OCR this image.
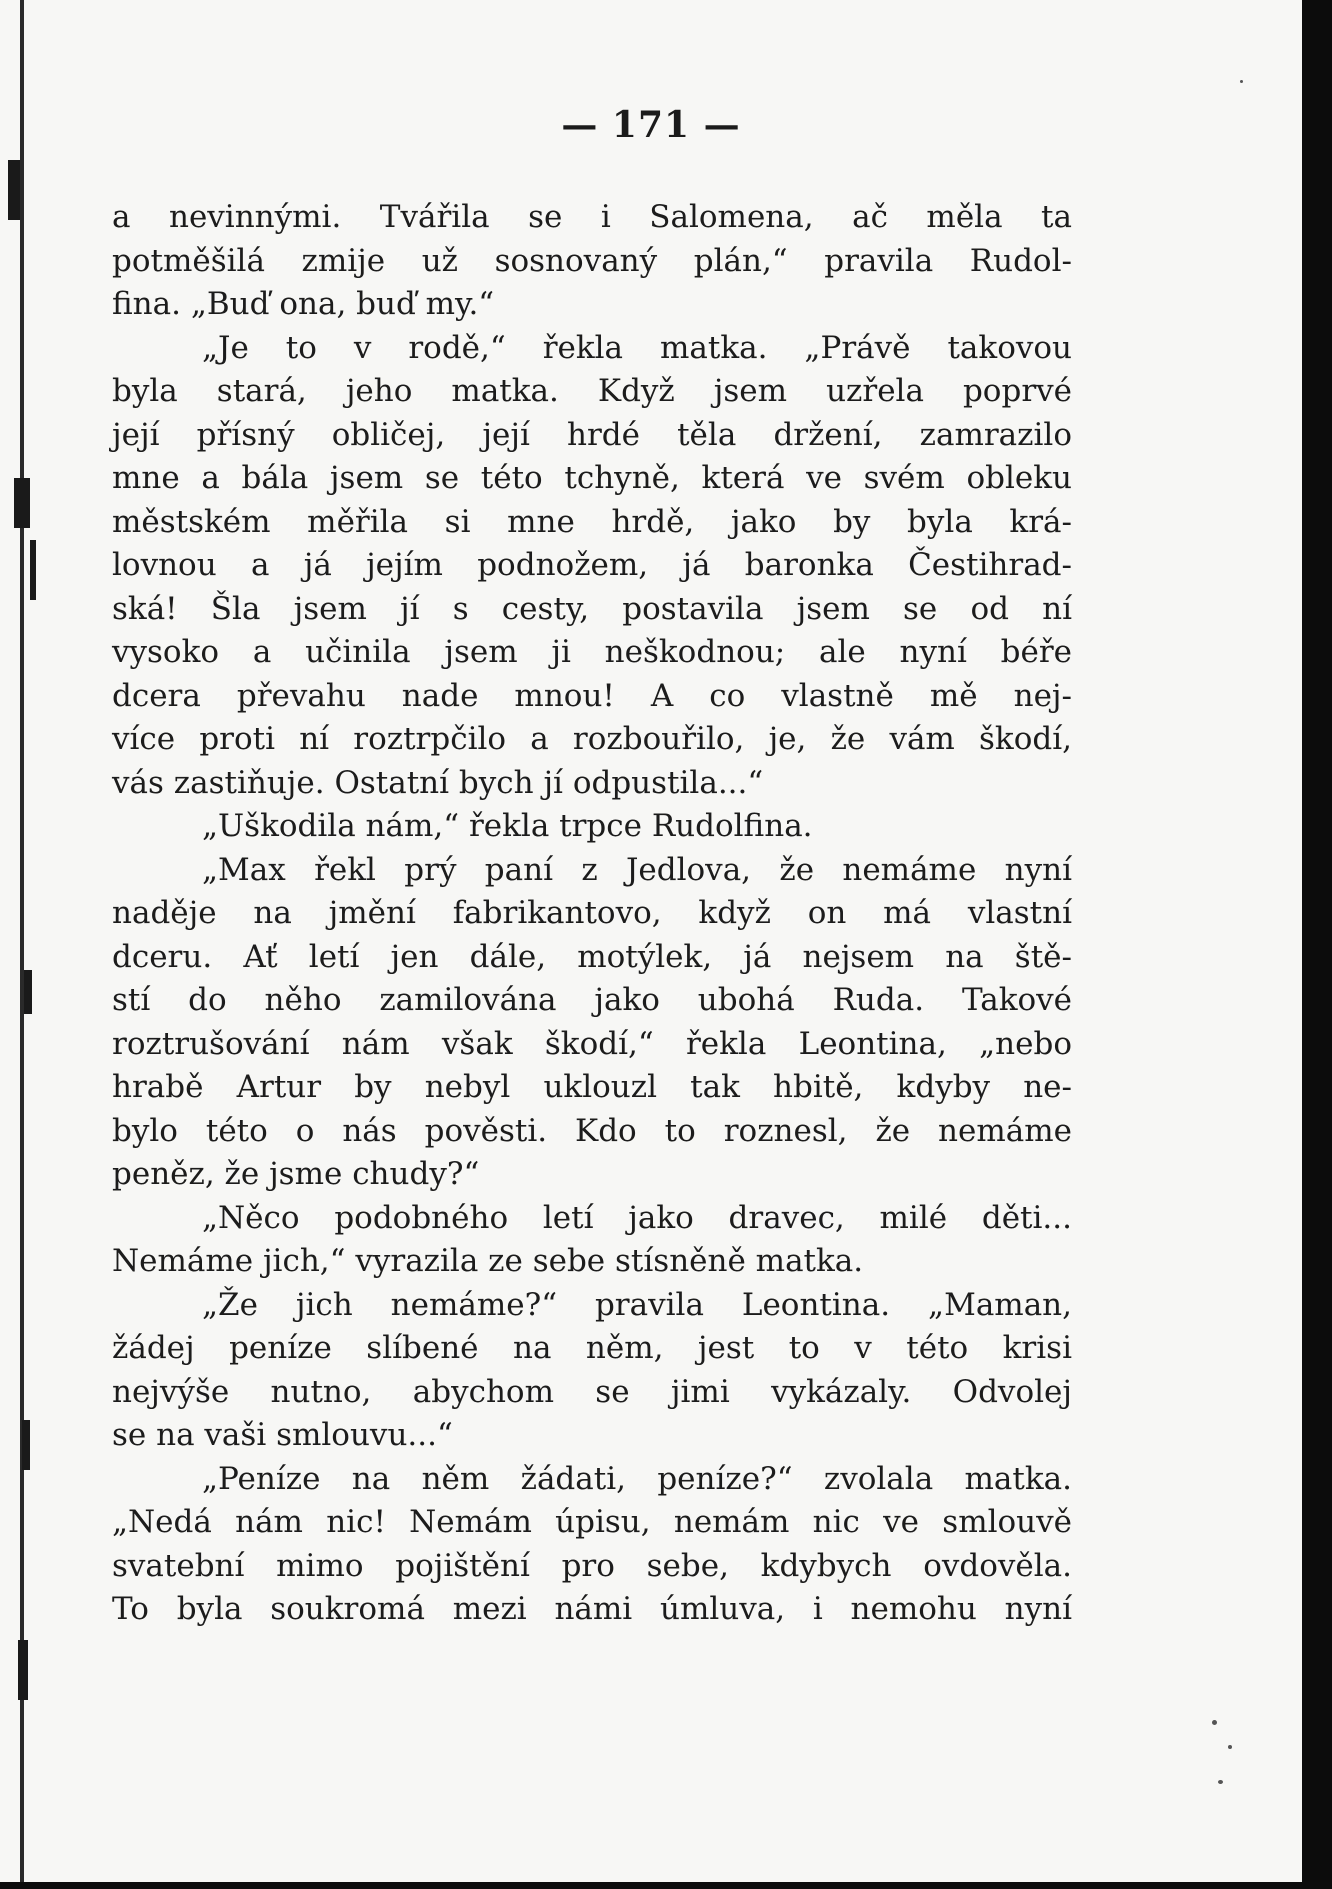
— 171 —
a nevinnými. Tvářila se i Salomena, ač měla ta
potměšilá zmije už sosnovaný plán,“ pravila Rudol-
fina. „Buď ona, buď my.“
„Je to v rodě,“ řekla matka. „Právě takovou
byla stará, jeho matka. Když jsem uzřela poprvé
její přísný obličej, její hrdé těla držení, zamrazilo
mne a bála jsem se této tchyně, která ve svém obleku
městském měřila si mne hrdě, jako by byla krá-
lovnou a já jejím podnožem, já baronka Čestihrad-
ská! Šla jsem jí s cesty, postavila jsem se od ní
vysoko a učinila jsem ji neškodnou; ale nyní béře
dcera převahu nade mnou! A co vlastně mě nej-
více proti ní roztrpčilo a rozbouřilo, je, že vám škodí,
vás zastiňuje. Ostatní bych jí odpustila...“
„Uškodila nám,“ řekla trpce Rudolfina.
„Max řekl prý paní z Jedlova, že nemáme nyní
naděje na jmění fabrikantovo, když on má vlastní
dceru. Ať letí jen dále, motýlek, já nejsem na ště-
stí do něho zamilována jako ubohá Ruda. Takové
roztrušování nám však škodí,“ řekla Leontina, „nebo
hrabě Artur by nebyl uklouzl tak hbitě, kdyby ne-
bylo této o nás pověsti. Kdo to roznesl, že nemáme
peněz, že jsme chudy?“
„Něco podobného letí jako dravec, milé děti...
Nemáme jich,“ vyrazila ze sebe stísněně matka.
„Že jich nemáme?“ pravila Leontina. „Maman,
žádej peníze slíbené na něm, jest to v této krisi
nejvýše nutno, abychom se jimi vykázaly. Odvolej
se na vaši smlouvu...“
„Peníze na něm žádati, peníze?“ zvolala matka.
„Nedá nám nic! Nemám úpisu, nemám nic ve smlouvě
svatební mimo pojištění pro sebe, kdybych ovdověla.
To byla soukromá mezi námi úmluva, i nemohu nyní
